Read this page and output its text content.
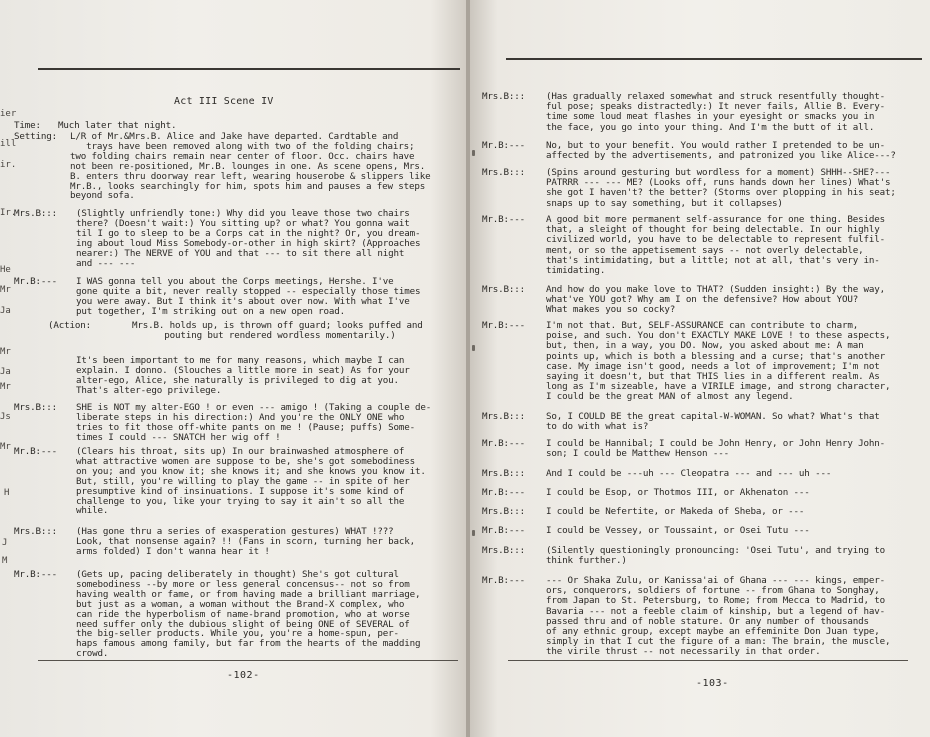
ier
ill
ir.
Ir.
He
Mr
Ja
Mr
Ja
Mr
Js
Mr
H
J
M
Act III Scene IV
Time: Much later that night.
Setting: L/R of Mr.&Mrs.B. Alice and Jake have departed. Cardtable and
trays have been removed along with two of the folding chairs;
two folding chairs remain near center of floor. Occ. chairs have
not been re-positioned, Mr.B. lounges in one. As scene opens, Mrs.
B. enters thru doorway rear left, wearing houserobe & slippers like
Mr.B., looks searchingly for him, spots him and pauses a few steps
beyond sofa.
Mrs.B::: (Slightly unfriendly tone:) Why did you leave those two chairs
there? (Doesn't wait:) You sitting up? or what? You gonna wait
til I go to sleep to be a Corps cat in the night? Or, you dream-
ing about loud Miss Somebody-or-other in high skirt? (Approaches
nearer:) The NERVE of YOU and that --- to sit there all night
and --- ---
Mr.B:--- I WAS gonna tell you about the Corps meetings, Hershe. I've
gone quite a bit, never really stopped -- especially those times
you were away. But I think it's about over now. With what I've
put together, I'm striking out on a new open road.
(Action:	Mrs.B. holds up, is thrown off guard; looks puffed and
pouting but rendered wordless momentarily.)
It's been important to me for many reasons, which maybe I can
explain. I donno. (Slouches a little more in seat) As for your
alter-ego, Alice, she naturally is privileged to dig at you.
That's alter-ego privilege.
Mrs.B::: SHE is NOT my alter-EGO ! or even --- amigo ! (Taking a couple de-
liberate steps in his direction:) And you're the ONLY ONE who
tries to fit those off-white pants on me ! (Pause; puffs) Some-
times I could --- SNATCH her wig off !
Mr.B:--- (Clears his throat, sits up) In our brainwashed atmosphere of
what attractive women are suppose to be, she's got somebodiness
on you; and you know it; she knows it; and she knows you know it.
But, still, you're willing to play the game -- in spite of her
presumptive kind of insinuations. I suppose it's some kind of
challenge to you, like your trying to say it ain't so all the
while.
Mrs.B::: (Has gone thru a series of exasperation gestures) WHAT !???
Look, that nonsense again? !! (Fans in scorn, turning her back,
arms folded) I don't wanna hear it !
Mr.B:--- (Gets up, pacing deliberately in thought) She's got cultural
somebodiness --by more or less general concensus-- not so from
having wealth or fame, or from having made a brilliant marriage,
but just as a woman, a woman without the Brand-X complex, who
can ride the hyperbolism of name-brand promotion, who at worse
need suffer only the dubious slight of being ONE of SEVERAL of
the big-seller products. While you, you're a home-spun, per-
haps famous among family, but far from the hearts of the madding
crowd.
-102-
Mrs.B::: (Has gradually relaxed somewhat and struck resentfully thought-
ful pose; speaks distractedly:) It never fails, Allie B. Every-
time some loud meat flashes in your eyesight or smacks you in
the face, you go into your thing. And I'm the butt of it all.
Mr.B:--- No, but to your benefit. You would rather I pretended to be un-
affected by the advertisements, and patronized you like Alice---?
Mrs.B::: (Spins around gesturing but wordless for a moment) SHHH--SHE?---
PATRRR --- --- ME? (Looks off, runs hands down her lines) What's
she got I haven't? the better? (Storms over plopping in his seat;
snaps up to say something, but it collapses)
Mr.B:--- A good bit more permanent self-assurance for one thing. Besides
that, a sleight of thought for being delectable. In our highly
civilized world, you have to be delectable to represent fulfil-
ment, or so the appetisement says -- not overly delectable,
that's intimidating, but a little; not at all, that's very in-
timidating.
Mrs.B::: And how do you make love to THAT? (Sudden insight:) By the way,
what've YOU got? Why am I on the defensive? How about YOU?
What makes you so cocky?
Mr.B:--- I'm not that. But, SELF-ASSURANCE can contribute to charm,
poise, and such. You don't EXACTLY MAKE LOVE ! to these aspects,
but, then, in a way, you DO. Now, you asked about me: A man
points up, which is both a blessing and a curse; that's another
case. My image isn't good, needs a lot of improvement; I'm not
saying it doesn't, but that THIS lies in a different realm. As
long as I'm sizeable, have a VIRILE image, and strong character,
I could be the great MAN of almost any legend.
Mrs.B::: So, I COULD BE the great capital-W-WOMAN. So what? What's that
to do with what is?
Mr.B:--- I could be Hannibal; I could be John Henry, or John Henry John-
son; I could be Matthew Henson ---
Mrs.B::: And I could be ---uh --- Cleopatra --- and --- uh ---
Mr.B:--- I could be Esop, or Thotmos III, or Akhenaton ---
Mrs.B::: I could be Nefertite, or Makeda of Sheba, or ---
Mr.B:--- I could be Vessey, or Toussaint, or Osei Tutu ---
Mrs.B::: (Silently questioningly pronouncing: 'Osei Tutu', and trying to
think further.)
Mr.B:--- --- Or Shaka Zulu, or Kanissa'ai of Ghana --- --- kings, emper-
ors, conquerors, soldiers of fortune -- from Ghana to Songhay,
from Japan to St. Petersburg, to Rome; from Mecca to Madrid, to
Bavaria --- not a feeble claim of kinship, but a legend of hav-
passed thru and of noble stature. Or any number of thousands
of any ethnic group, except maybe an effeminite Don Juan type,
simply in that I cut the figure of a man: The brain, the muscle,
the virile thrust -- not necessarily in that order.
-103-
